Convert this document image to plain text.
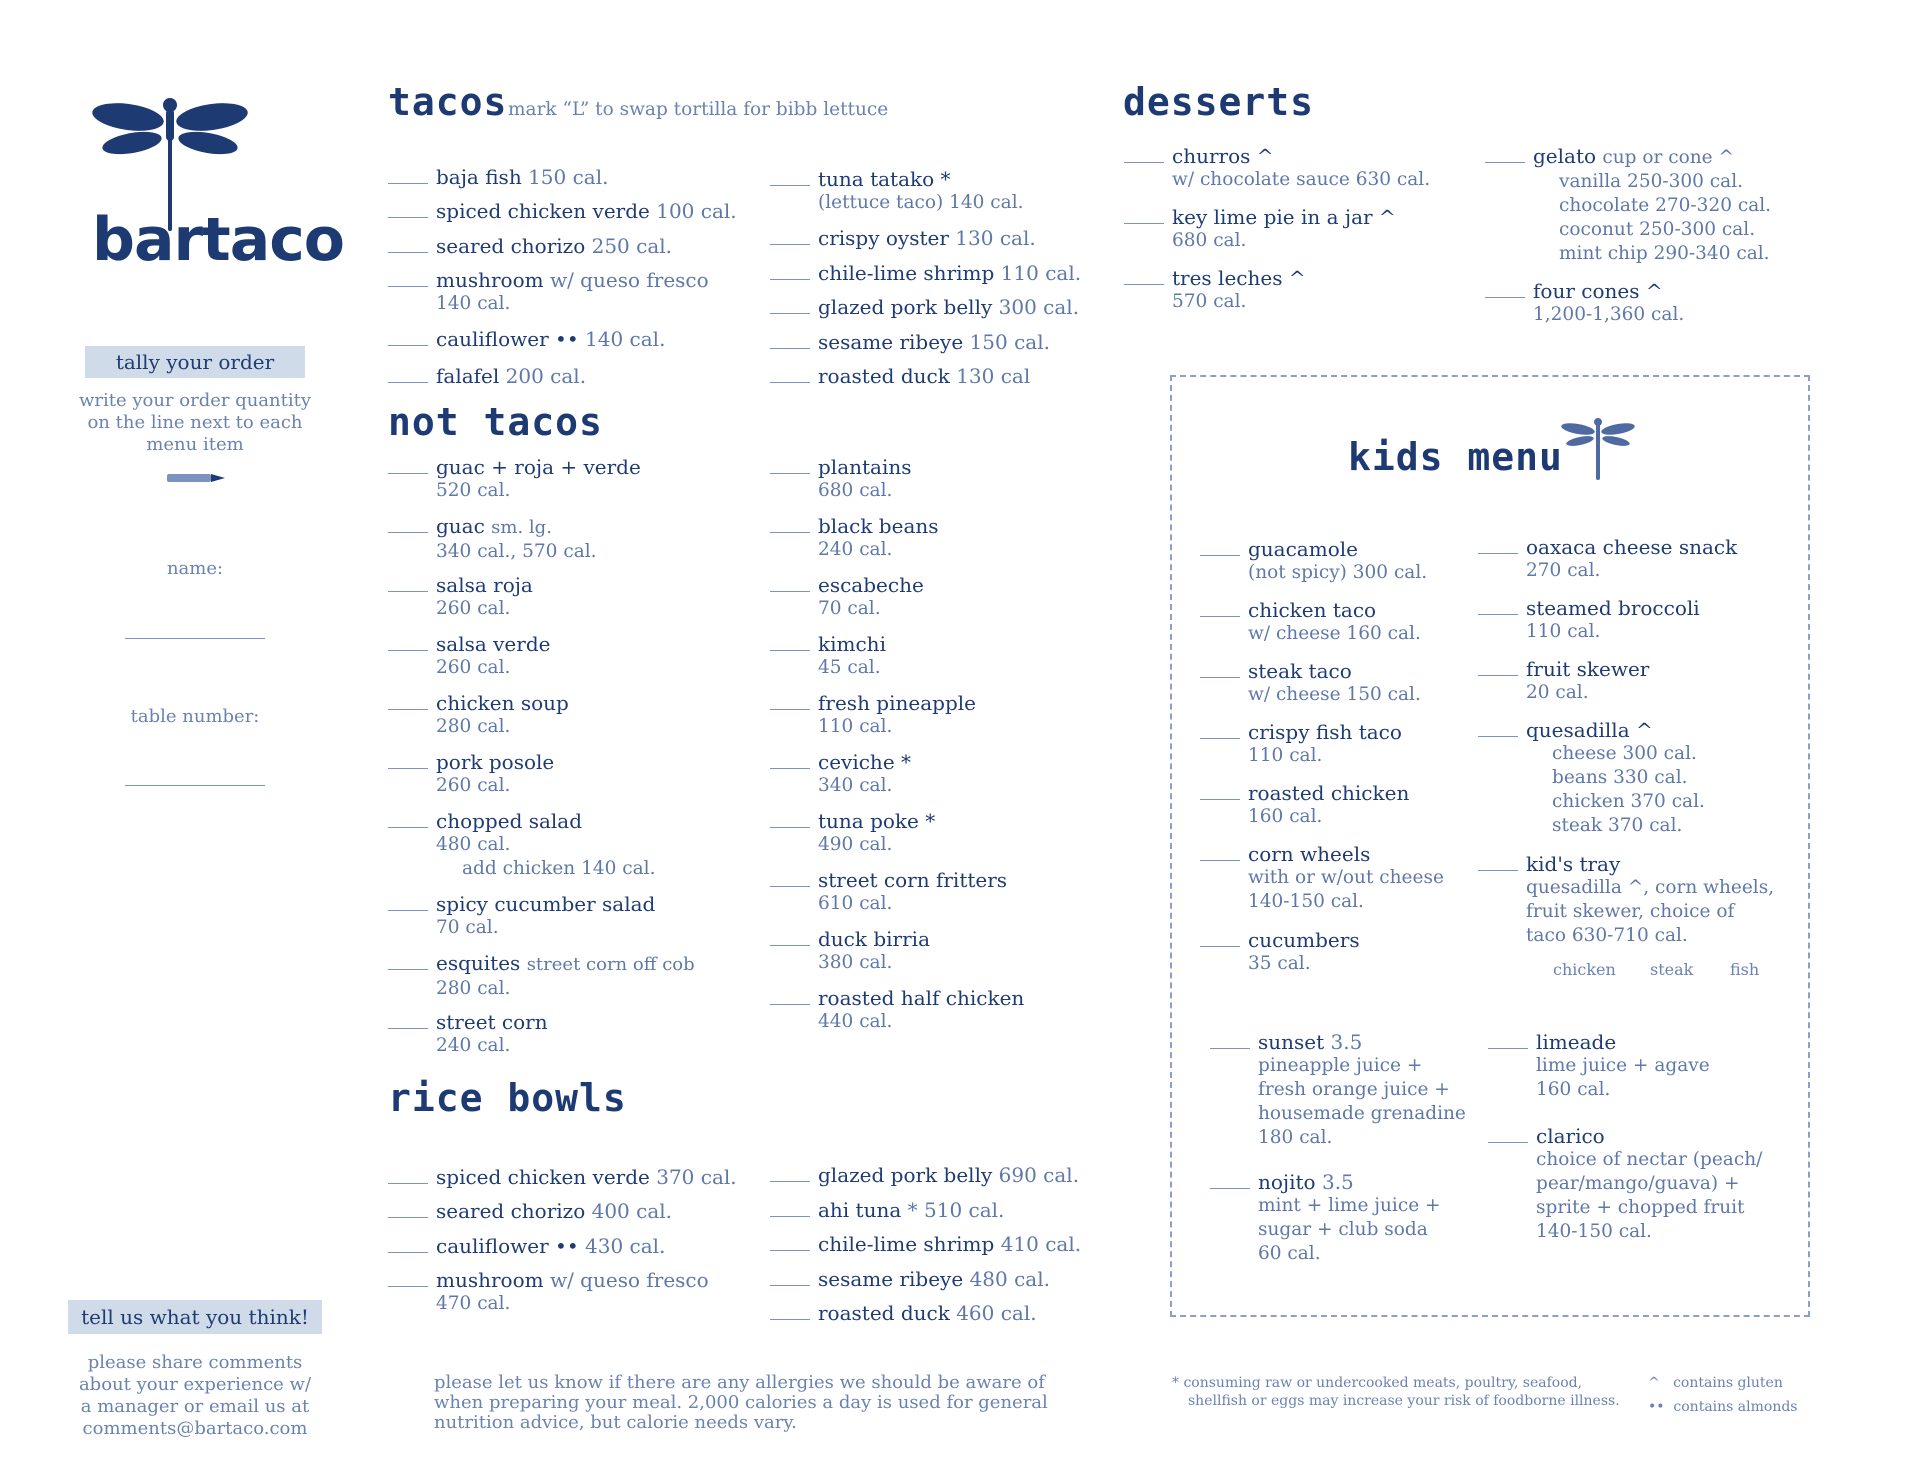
bartaco
tally your order
write your order quantity
on the line next to each
menu item
name:
table number:
tell us what you think!
please share comments
about your experience w/
a manager or email us at
comments@bartaco.com
tacos mark “L” to swap tortilla for bibb lettuce
baja fish 150 cal.
spiced chicken verde 100 cal.
seared chorizo 250 cal.
mushroom w/ queso fresco
140 cal.
cauliflower •• 140 cal.
falafel 200 cal.
tuna tatako *
(lettuce taco) 140 cal.
crispy oyster 130 cal.
chile-lime shrimp 110 cal.
glazed pork belly 300 cal.
sesame ribeye 150 cal.
roasted duck 130 cal
not tacos
guac + roja + verde
520 cal.
guac sm. lg.
340 cal., 570 cal.
salsa roja
260 cal.
salsa verde
260 cal.
chicken soup
280 cal.
pork posole
260 cal.
chopped salad
480 cal.
add chicken 140 cal.
spicy cucumber salad
70 cal.
esquites street corn off cob
280 cal.
street corn
240 cal.
plantains
680 cal.
black beans
240 cal.
escabeche
70 cal.
kimchi
45 cal.
fresh pineapple
110 cal.
ceviche *
340 cal.
tuna poke *
490 cal.
street corn fritters
610 cal.
duck birria
380 cal.
roasted half chicken
440 cal.
rice bowls
spiced chicken verde 370 cal.
seared chorizo 400 cal.
cauliflower •• 430 cal.
mushroom w/ queso fresco
470 cal.
glazed pork belly 690 cal.
ahi tuna * 510 cal.
chile-lime shrimp 410 cal.
sesame ribeye 480 cal.
roasted duck 460 cal.
desserts
churros ^
w/ chocolate sauce 630 cal.
key lime pie in a jar ^
680 cal.
tres leches ^
570 cal.
gelato cup or cone ^
vanilla 250-300 cal.
chocolate 270-320 cal.
coconut 250-300 cal.
mint chip 290-340 cal.
four cones ^
1,200-1,360 cal.
kids menu
guacamole
(not spicy) 300 cal.
chicken taco
w/ cheese 160 cal.
steak taco
w/ cheese 150 cal.
crispy fish taco
110 cal.
roasted chicken
160 cal.
corn wheels
with or w/out cheese
140-150 cal.
cucumbers
35 cal.
oaxaca cheese snack
270 cal.
steamed broccoli
110 cal.
fruit skewer
20 cal.
quesadilla ^
cheese 300 cal.
beans 330 cal.
chicken 370 cal.
steak 370 cal.
kid's tray
quesadilla ^, corn wheels,
fruit skewer, choice of
taco 630-710 cal.
chicken steak fish
sunset 3.5
pineapple juice +
fresh orange juice +
housemade grenadine
180 cal.
nojito 3.5
mint + lime juice +
sugar + club soda
60 cal.
limeade
lime juice + agave
160 cal.
clarico
choice of nectar (peach/
pear/mango/guava) +
sprite + chopped fruit
140-150 cal.
please let us know if there are any allergies we should be aware of
when preparing your meal. 2,000 calories a day is used for general
nutrition advice, but calorie needs vary.
* consuming raw or undercooked meats, poultry, seafood,
shellfish or eggs may increase your risk of foodborne illness.
^   contains gluten
••  contains almonds
